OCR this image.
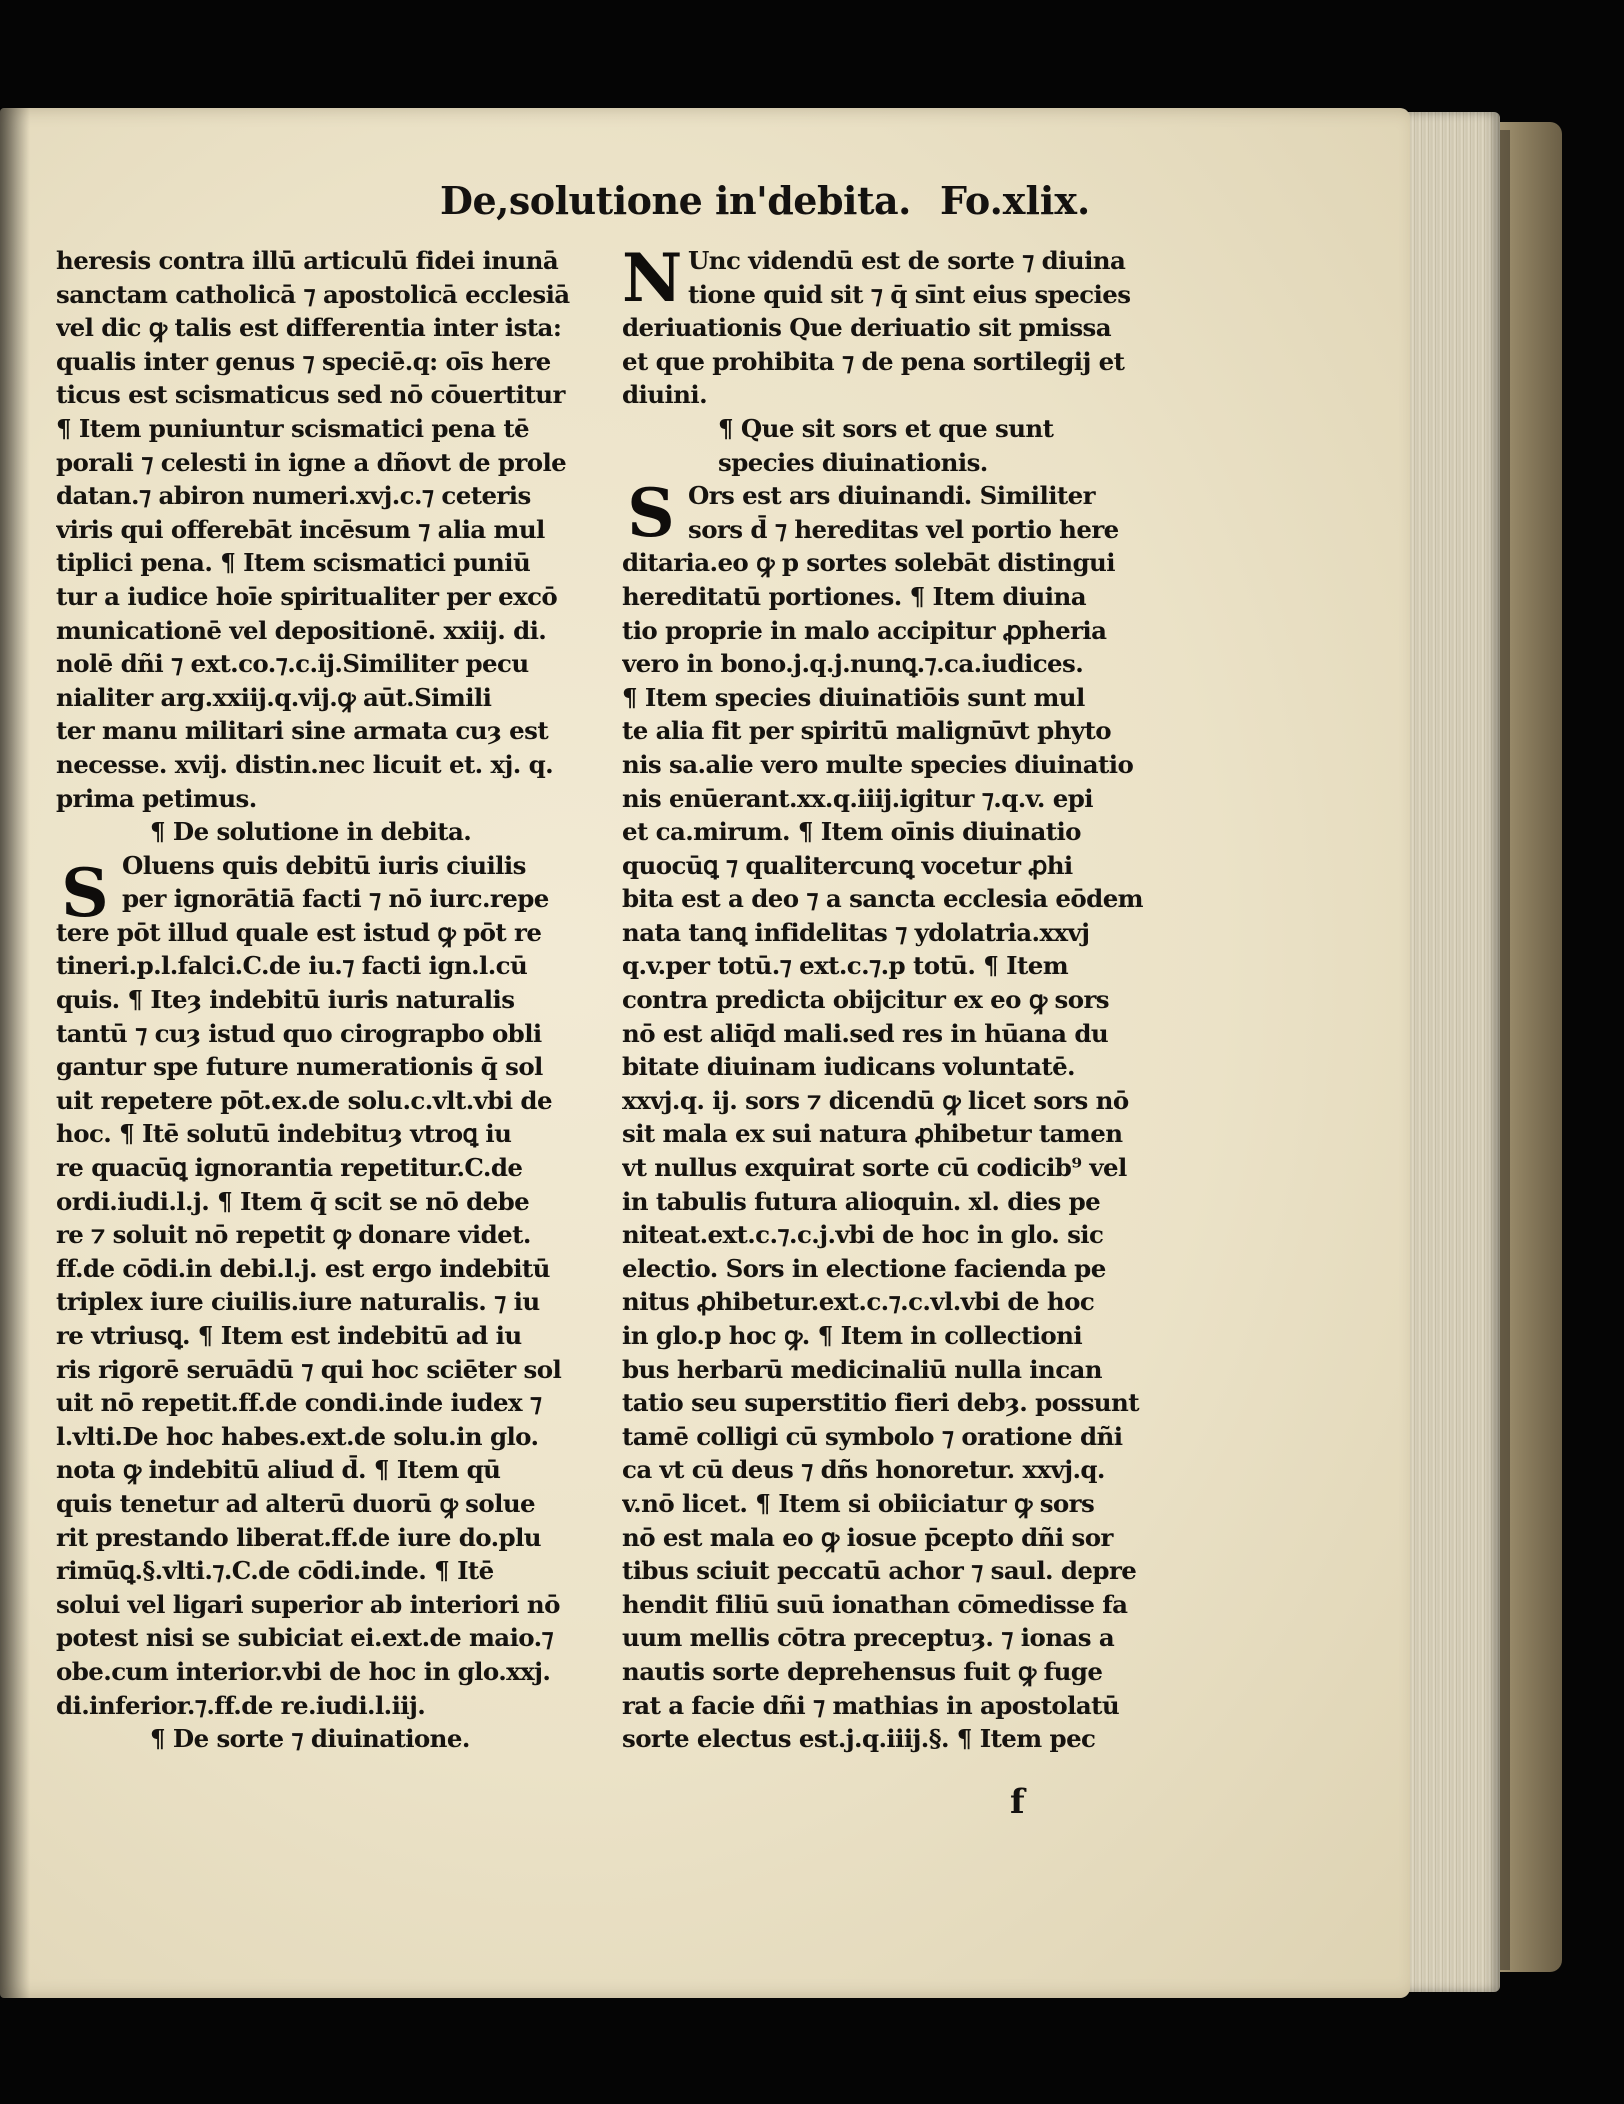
De,solutione in'debita. Fo.xlix.
N
S
S
heresis contra illū articulū fidei inunā
sanctam catholicā ⁊ apostolicā ecclesiā
vel dic ꝙ talis est differentia inter ista:
qualis inter genus ⁊ speciē.q: oīs here
ticus est scismaticus sed nō cōuertitur
¶ Item puniuntur scismatici pena tē
porali ⁊ celesti in igne a dñovt de prole
datan.⁊ abiron numeri.xvj.c.⁊ ceteris
viris qui offerebāt incēsum ⁊ alia mul
tiplici pena. ¶ Item scismatici puniū
tur a iudice hoīe spiritualiter per excō
municationē vel depositionē. xxiij. di.
nolē dñi ⁊ ext.co.⁊.c.ij.Similiter pecu
nialiter arg.xxiij.q.vij.ꝙ aūt.Simili
ter manu militari sine armata cuȝ est
necesse. xvij. distin.nec licuit et. xj. q.
prima petimus.
¶ De solutione in debita.
Oluens quis debitū iuris ciuilis
per ignorātiā facti ⁊ nō iurc.repe
tere pōt illud quale est istud ꝙ pōt re
tineri.p.l.falci.C.de iu.⁊ facti ign.l.cū
quis. ¶ Iteȝ indebitū iuris naturalis
tantū ⁊ cuȝ istud quo cirograpbo obli
gantur spe future numerationis q̄ sol
uit repetere pōt.ex.de solu.c.vlt.vbi de
hoc. ¶ Itē solutū indebituȝ vtroꝗ iu
re quacūꝗ ignorantia repetitur.C.de
ordi.iudi.l.j. ¶ Item q̄ scit se nō debe
re ⁊ soluit nō repetit ꝙ donare videt.
ff.de cōdi.in debi.l.j. est ergo indebitū
triplex iure ciuilis.iure naturalis. ⁊ iu
re vtriusꝗ. ¶ Item est indebitū ad iu
ris rigorē seruādū ⁊ qui hoc sciēter sol
uit nō repetit.ff.de condi.inde iudex ⁊
l.vlti.De hoc habes.ext.de solu.in glo.
nota ꝙ indebitū aliud d̄. ¶ Item qū
quis tenetur ad alterū duorū ꝙ solue
rit prestando liberat.ff.de iure do.plu
rimūꝗ.§.vlti.⁊.C.de cōdi.inde. ¶ Itē
solui vel ligari superior ab interiori nō
potest nisi se subiciat ei.ext.de maio.⁊
obe.cum interior.vbi de hoc in glo.xxj.
di.inferior.⁊.ff.de re.iudi.l.iij.
¶ De sorte ⁊ diuinatione.
Unc videndū est de sorte ⁊ diuina
tione quid sit ⁊ q̄ sīnt eius species
deriuationis Que deriuatio sit pmissa
et que prohibita ⁊ de pena sortilegij et
diuini.
¶ Que sit sors et que sunt
species diuinationis.
Ors est ars diuinandi. Similiter
sors d̄ ⁊ hereditas vel portio here
ditaria.eo ꝙ p sortes solebāt distingui
hereditatū portiones. ¶ Item diuina
tio proprie in malo accipitur ꝓpheria
vero in bono.j.q.j.nunꝗ.⁊.ca.iudices.
¶ Item species diuinatiōis sunt mul
te alia fit per spiritū malignūvt phyto
nis sa.alie vero multe species diuinatio
nis enūerant.xx.q.iiij.igitur ⁊.q.v. epi
et ca.mirum. ¶ Item oīnis diuinatio
quocūꝗ ⁊ qualitercunꝗ vocetur ꝓhi
bita est a deo ⁊ a sancta ecclesia eōdem
nata tanꝗ infidelitas ⁊ ydolatria.xxvj
q.v.per totū.⁊ ext.c.⁊.p totū. ¶ Item
contra predicta obijcitur ex eo ꝙ sors
nō est aliq̄d mali.sed res in hūana du
bitate diuinam iudicans voluntatē.
xxvj.q. ij. sors ⁊ dicendū ꝙ licet sors nō
sit mala ex sui natura ꝓhibetur tamen
vt nullus exquirat sorte cū codicib⁹ vel
in tabulis futura alioquin. xl. dies pe
niteat.ext.c.⁊.c.j.vbi de hoc in glo. sic
electio. Sors in electione facienda pe
nitus ꝓhibetur.ext.c.⁊.c.vl.vbi de hoc
in glo.p hoc ꝙ. ¶ Item in collectioni
bus herbarū medicinaliū nulla incan
tatio seu superstitio fieri debȝ. possunt
tamē colligi cū symbolo ⁊ oratione dñi
ca vt cū deus ⁊ dñs honoretur. xxvj.q.
v.nō licet. ¶ Item si obiiciatur ꝙ sors
nō est mala eo ꝙ iosue p̄cepto dñi sor
tibus sciuit peccatū achor ⁊ saul. depre
hendit filiū suū ionathan cōmedisse fa
uum mellis cōtra preceptuȝ. ⁊ ionas a
nautis sorte deprehensus fuit ꝙ fuge
rat a facie dñi ⁊ mathias in apostolatū
sorte electus est.j.q.iiij.§. ¶ Item pec
f
